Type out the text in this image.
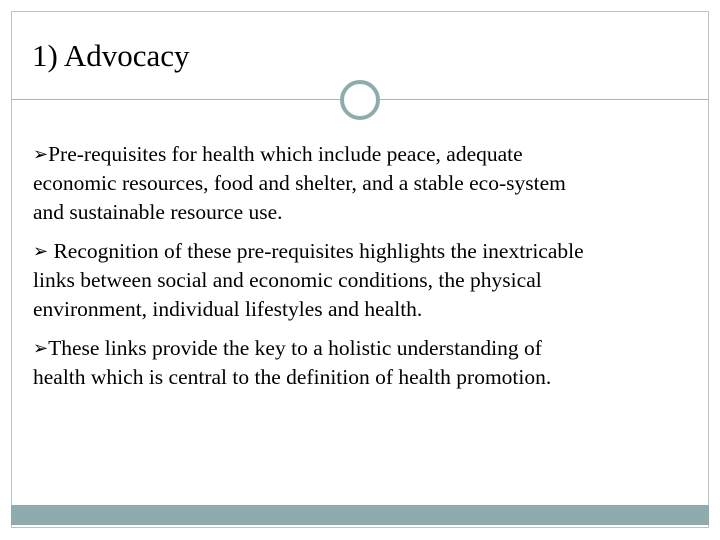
1) Advocacy

➢Pre-requisites for health which include peace, adequate
economic resources, food and shelter, and a stable eco-system
and sustainable resource use.

➢ Recognition of these pre-requisites highlights the inextricable
links between social and economic conditions, the physical
environment, individual lifestyles and health.

➢These links provide the key to a holistic understanding of
health which is central to the definition of health promotion.
